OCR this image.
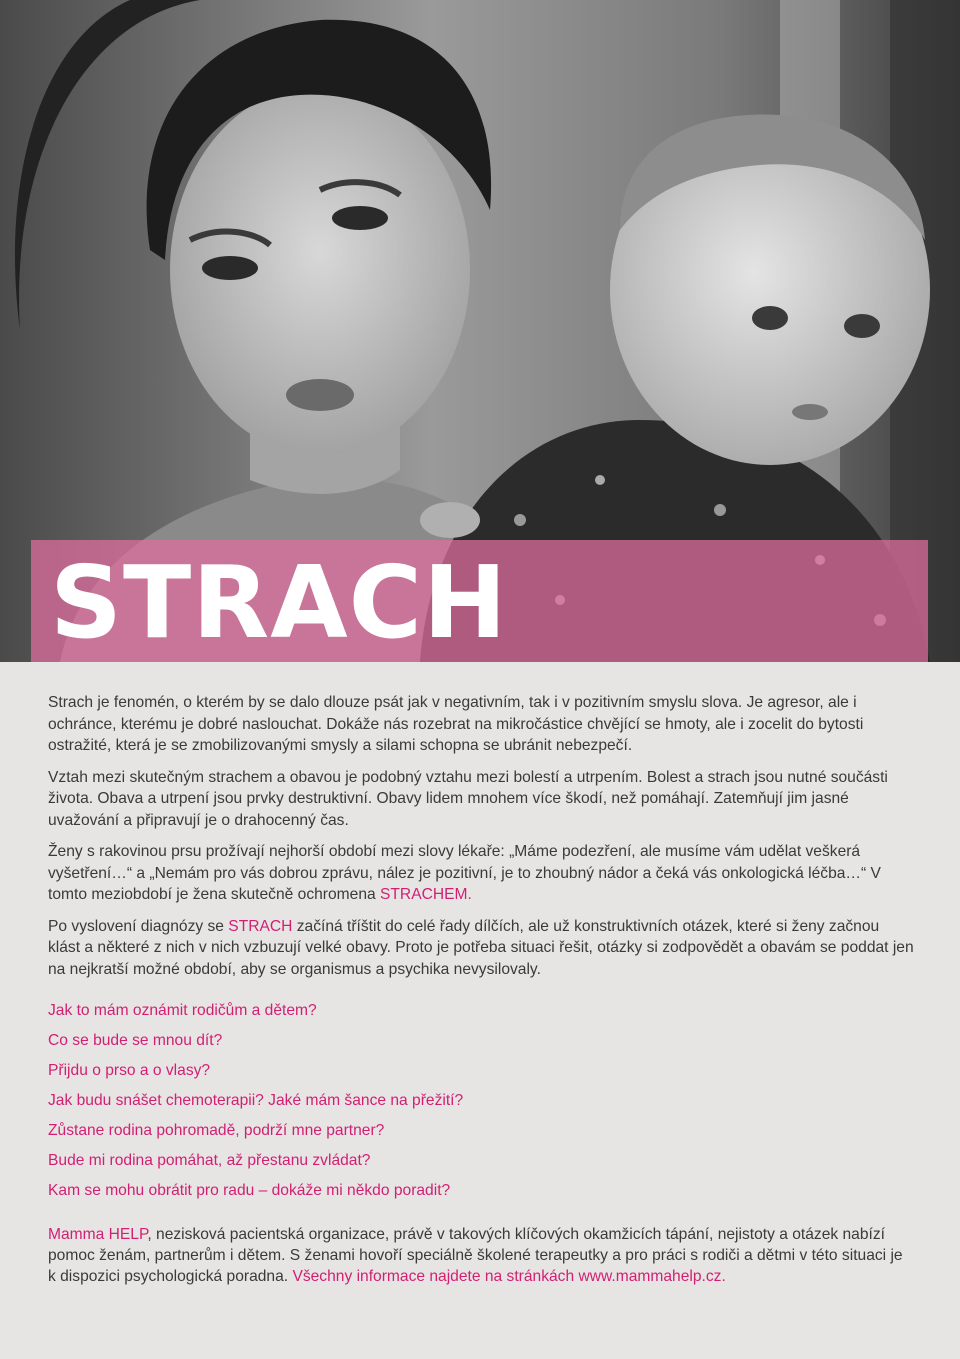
STRACH

Strach je fenomén, o kterém by se dalo dlouze psát jak v negativním, tak i v pozitivním smyslu slova. Je agresor, ale i ochránce, kterému je dobré naslouchat. Dokáže nás rozebrat na mikročástice chvějící se hmoty, ale i zocelit do bytosti ostražité, která je se zmobilizovanými smysly a silami schopna se ubránit nebezpečí.

Vztah mezi skutečným strachem a obavou je podobný vztahu mezi bolestí a utrpením. Bolest a strach jsou nutné součásti života. Obava a utrpení jsou prvky destruktivní. Obavy lidem mnohem více škodí, než pomáhají. Zatemňují jim jasné uvažování a připravují je o drahocenný čas.

Ženy s rakovinou prsu prožívají nejhorší období mezi slovy lékaře: „Máme podezření, ale musíme vám udělat veškerá vyšetření…“ a „Nemám pro vás dobrou zprávu, nález je pozitivní, je to zhoubný nádor a čeká vás onkologická léčba…“ V tomto meziobdobí je žena skutečně ochromena STRACHEM.

Po vyslovení diagnózy se STRACH začíná tříštit do celé řady dílčích, ale už konstruktivních otázek, které si ženy začnou klást a některé z nich v nich vzbuzují velké obavy. Proto je potřeba situaci řešit, otázky si zodpovědět a obavám se poddat jen na nejkratší možné období, aby se organismus a psychika nevysilovaly.

Jak to mám oznámit rodičům a dětem?
Co se bude se mnou dít?
Přijdu o prso a o vlasy?
Jak budu snášet chemoterapii? Jaké mám šance na přežití?
Zůstane rodina pohromadě, podrží mne partner?
Bude mi rodina pomáhat, až přestanu zvládat?
Kam se mohu obrátit pro radu – dokáže mi někdo poradit?
Mamma HELP, nezisková pacientská organizace, právě v takových klíčových okamžicích tápání, nejistoty a otázek nabízí pomoc ženám, partnerům i dětem. S ženami hovoří speciálně školené terapeutky a pro práci s rodiči a dětmi v této situaci je k dispozici psychologická poradna. Všechny informace najdete na stránkách www.mammahelp.cz.
